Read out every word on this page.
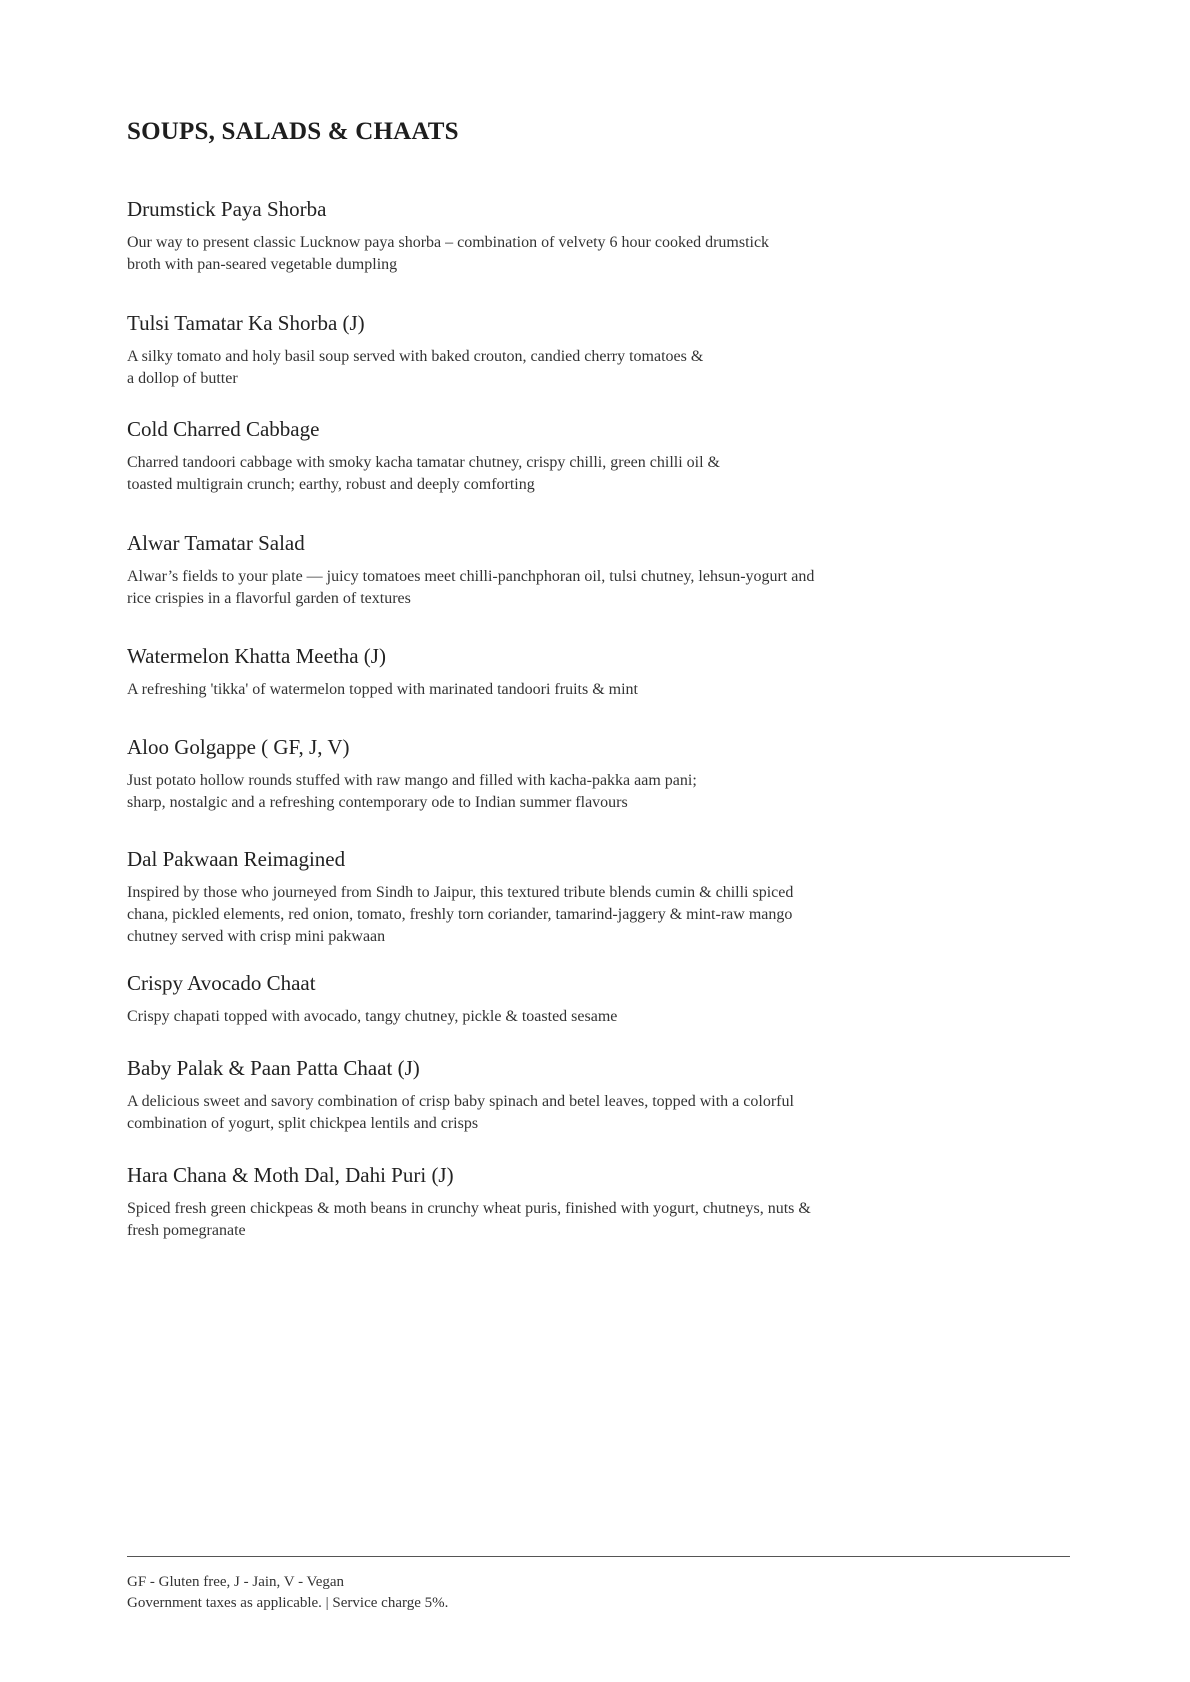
SOUPS, SALADS & CHAATS
Drumstick Paya Shorba

Our way to present classic Lucknow paya shorba – combination of velvety 6 hour cooked drumstick
broth with pan-seared vegetable dumpling

Tulsi Tamatar Ka Shorba (J)

A silky tomato and holy basil soup served with baked crouton, candied cherry tomatoes &
a dollop of butter

Cold Charred Cabbage

Charred tandoori cabbage with smoky kacha tamatar chutney, crispy chilli, green chilli oil &
toasted multigrain crunch; earthy, robust and deeply comforting

Alwar Tamatar Salad

Alwar’s fields to your plate — juicy tomatoes meet chilli-panchphoran oil, tulsi chutney, lehsun-yogurt and
rice crispies in a flavorful garden of textures

Watermelon Khatta Meetha (J)

A refreshing 'tikka' of watermelon topped with marinated tandoori fruits & mint

Aloo Golgappe ( GF, J, V)

Just potato hollow rounds stuffed with raw mango and filled with kacha-pakka aam pani;
sharp, nostalgic and a refreshing contemporary ode to Indian summer flavours

Dal Pakwaan Reimagined

Inspired by those who journeyed from Sindh to Jaipur, this textured tribute blends cumin & chilli spiced
chana, pickled elements, red onion, tomato, freshly torn coriander, tamarind-jaggery & mint-raw mango
chutney served with crisp mini pakwaan

Crispy Avocado Chaat

Crispy chapati topped with avocado, tangy chutney, pickle & toasted sesame

Baby Palak & Paan Patta Chaat (J)

A delicious sweet and savory combination of crisp baby spinach and betel leaves, topped with a colorful
combination of yogurt, split chickpea lentils and crisps

Hara Chana & Moth Dal, Dahi Puri (J)

Spiced fresh green chickpeas & moth beans in crunchy wheat puris, finished with yogurt, chutneys, nuts &
fresh pomegranate

GF - Gluten free, J - Jain, V - Vegan
Government taxes as applicable. | Service charge 5%.
